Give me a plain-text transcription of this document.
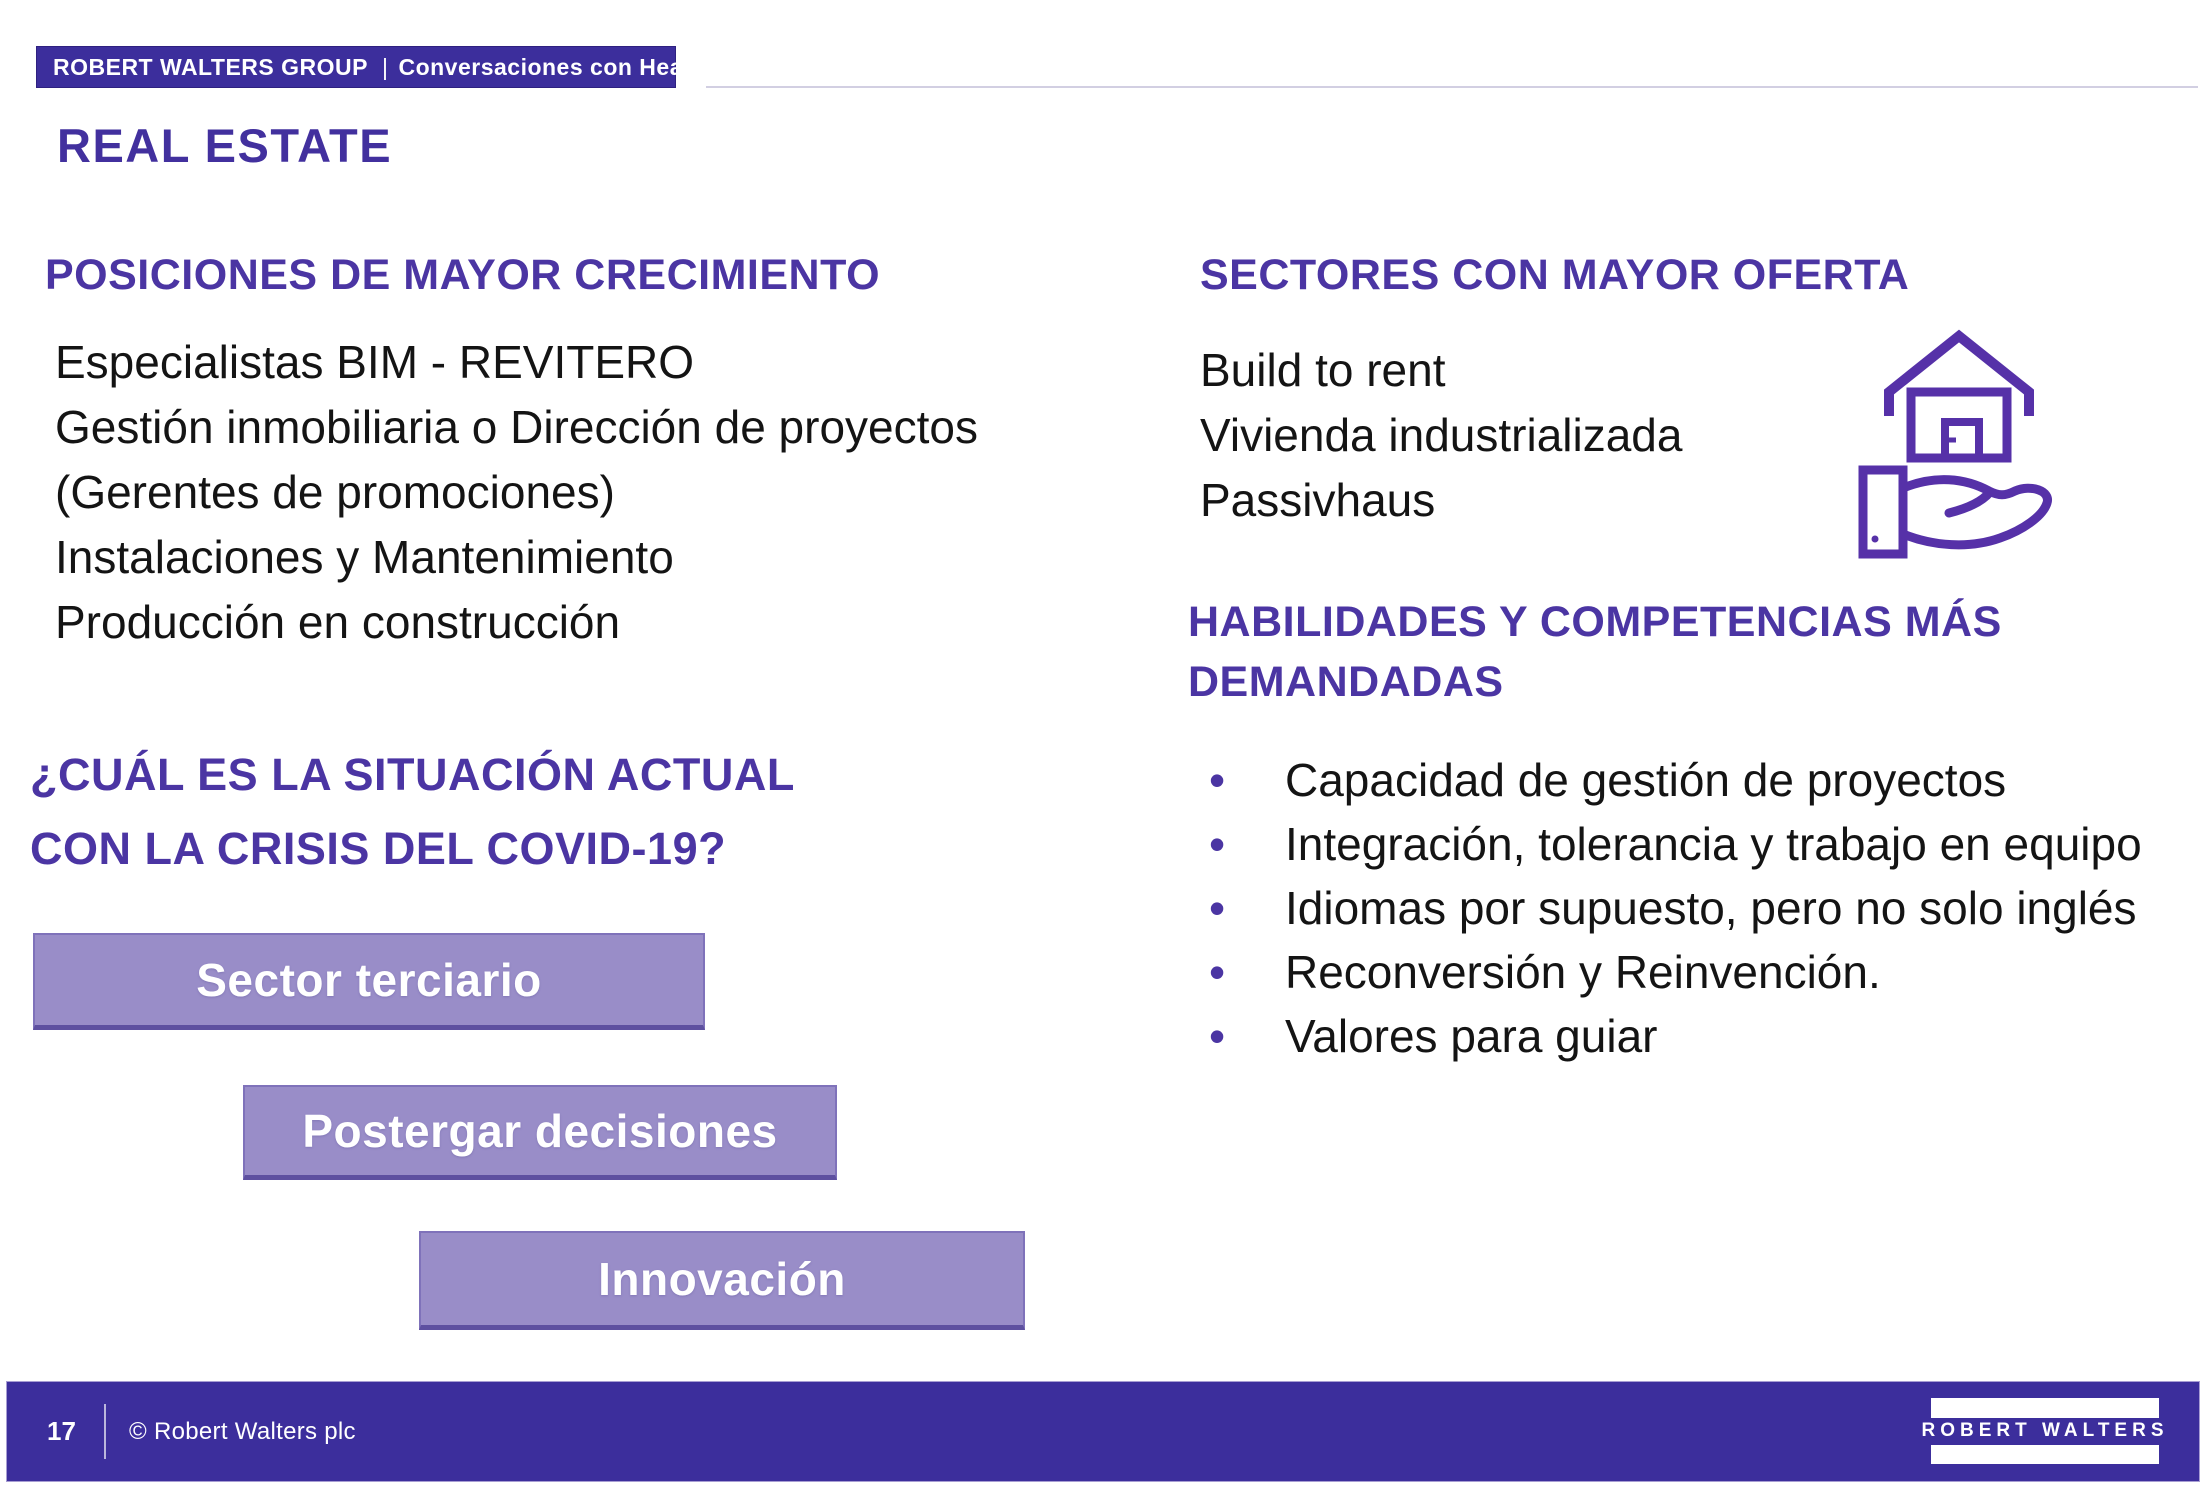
ROBERT WALTERS GROUP | Conversaciones con Headhunters
REAL ESTATE
POSICIONES DE MAYOR CRECIMIENTO
Especialistas BIM - REVITERO
Gestión inmobiliaria o Dirección de proyectos (Gerentes de promociones)
Instalaciones y Mantenimiento
Producción en construcción
¿CUÁL ES LA SITUACIÓN ACTUAL CON LA CRISIS DEL COVID-19?
Sector terciario
Postergar decisiones
Innovación
SECTORES CON MAYOR OFERTA
Build to rent
Vivienda industrializada
Passivhaus
HABILIDADES Y COMPETENCIAS MÁS DEMANDADAS
• Capacidad de gestión de proyectos
• Integración, tolerancia y trabajo en equipo
• Idiomas por supuesto, pero no solo inglés
• Reconversión y Reinvención.
• Valores para guiar
17 © Robert Walters plc	ROBERT WALTERS
